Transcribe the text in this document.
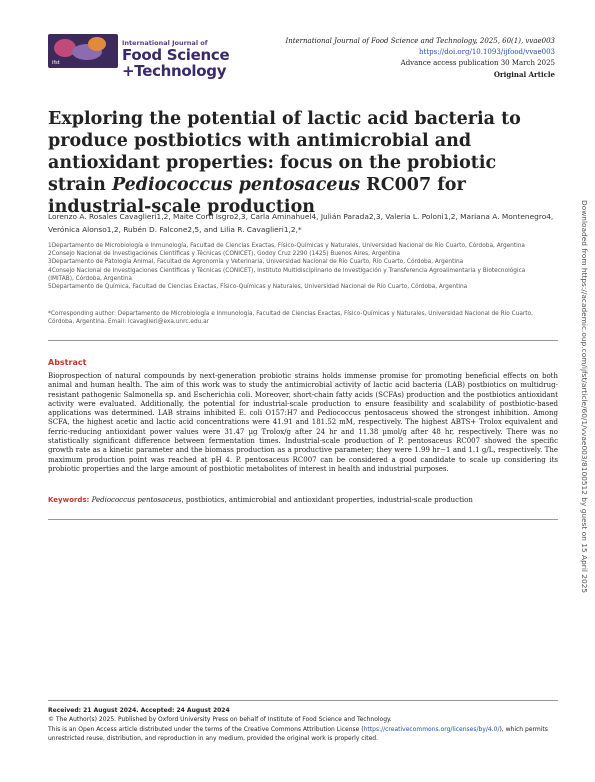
ifst
International Journal of
Food Science
+Technology
International Journal of Food Science and Technology, 2025, 60(1), vvae003
https://doi.org/10.1093/ijfood/vvae003
Advance access publication 30 March 2025
Original Article
Exploring the potential of lactic acid bacteria to produce postbiotics with antimicrobial and antioxidant properties: focus on the probiotic strain Pediococcus pentosaceus RC007 for industrial-scale production
Lorenzo A. Rosales Cavaglieri1,2, Maite Corti Isgro2,3, Carla Aminahuel4, Julián Parada2,3, Valeria L. Poloni1,2, Mariana A. Montenegro4, Verónica Alonso1,2, Rubén D. Falcone2,5, and Lilia R. Cavaglieri1,2,*
1Departamento de Microbiología e Inmunología, Facultad de Ciencias Exactas, Físico-Químicas y Naturales, Universidad Nacional de Río Cuarto, Córdoba, Argentina
2Consejo Nacional de Investigaciones Científicas y Técnicas (CONICET), Godoy Cruz 2290 (1425) Buenos Aires, Argentina
3Departamento de Patología Animal, Facultad de Agronomía y Veterinaria, Universidad Nacional de Río Cuarto, Río Cuarto, Córdoba, Argentina
4Consejo Nacional de Investigaciones Científicas y Técnicas (CONICET), Instituto Multidisciplinario de Investigación y Transferencia Agroalimentaria y Biotecnológica (IMITAB), Córdoba, Argentina
5Departamento de Química, Facultad de Ciencias Exactas, Físico-Químicas y Naturales, Universidad Nacional de Río Cuarto, Córdoba, Argentina
*Corresponding author: Departamento de Microbiología e Inmunología, Facultad de Ciencias Exactas, Físico-Químicas y Naturales, Universidad Nacional de Río Cuarto, Córdoba, Argentina. Email: lcavaglieri@exa.unrc.edu.ar
Abstract
Bioprospection of natural compounds by next-generation probiotic strains holds immense promise for promoting beneficial effects on both animal and human health. The aim of this work was to study the antimicrobial activity of lactic acid bacteria (LAB) postbiotics on multidrug-resistant pathogenic Salmonella sp. and Escherichia coli. Moreover, short-chain fatty acids (SCFAs) production and the postbiotics antioxidant activity were evaluated. Additionally, the potential for industrial-scale production to ensure feasibility and scalability of postbiotic-based applications was determined. LAB strains inhibited E. coli O157:H7 and Pediococcus pentosaceus showed the strongest inhibition. Among SCFA, the highest acetic and lactic acid concentrations were 41.91 and 181.52 mM, respectively. The highest ABTS+ Trolox equivalent and ferric-reducing antioxidant power values were 31.47 µg Trolox/g after 24 hr and 11.38 µmol/g after 48 hr, respectively. There was no statistically significant difference between fermentation times. Industrial-scale production of P. pentosaceus RC007 showed the specific growth rate as a kinetic parameter and the biomass production as a productive parameter; they were 1.99 hr−1 and 1.1 g/L, respectively. The maximum production point was reached at pH 4. P. pentosaceus RC007 can be considered a good candidate to scale up considering its probiotic properties and the large amount of postbiotic metabolites of interest in health and industrial purposes.
Keywords: Pediococcus pentosaceus, postbiotics, antimicrobial and antioxidant properties, industrial-scale production
Received: 21 August 2024. Accepted: 24 August 2024
© The Author(s) 2025. Published by Oxford University Press on behalf of Institute of Food Science and Technology.
This is an Open Access article distributed under the terms of the Creative Commons Attribution License (https://creativecommons.org/licenses/by/4.0/), which permits unrestricted reuse, distribution, and reproduction in any medium, provided the original work is properly cited.
Downloaded from https://academic.oup.com/ijfst/article/60/1/vvae003/8100512 by guest on 15 April 2025
